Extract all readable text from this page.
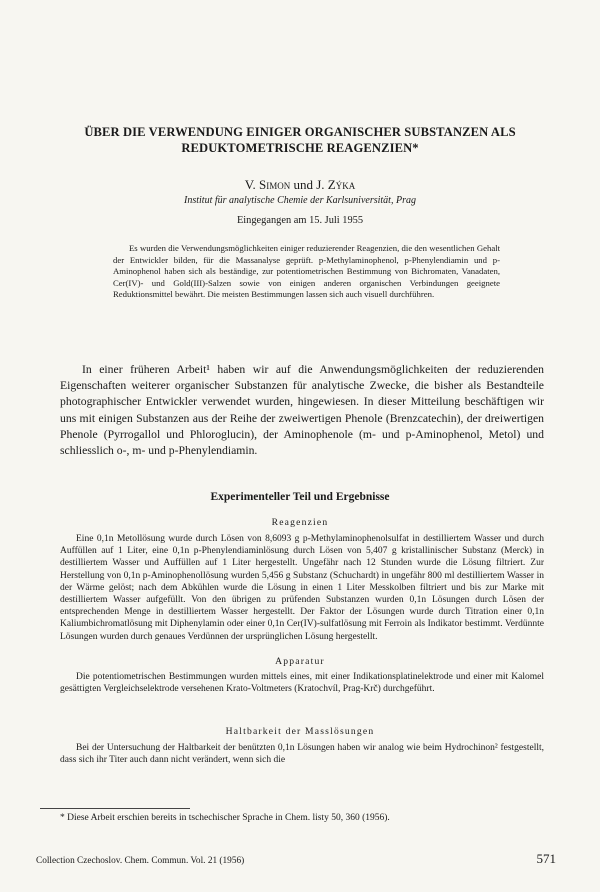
ÜBER DIE VERWENDUNG EINIGER ORGANISCHER SUBSTANZEN ALS
REDUKTOMETRISCHE REAGENZIEN*
V. Simon und J. Zýka
Institut für analytische Chemie der Karlsuniversität, Prag
Eingegangen am 15. Juli 1955
Es wurden die Verwendungsmöglichkeiten einiger reduzierender Reagenzien, die den wesentlichen Gehalt der Entwickler bilden, für die Massanalyse geprüft. p-Methylaminophenol, p-Phenylendiamin und p-Aminophenol haben sich als beständige, zur potentiometrischen Bestimmung von Bichromaten, Vanadaten, Cer(IV)- und Gold(III)-Salzen sowie von einigen anderen organischen Verbindungen geeignete Reduktionsmittel bewährt. Die meisten Bestimmungen lassen sich auch visuell durchführen.
In einer früheren Arbeit¹ haben wir auf die Anwendungsmöglichkeiten der reduzierenden Eigenschaften weiterer organischer Substanzen für analytische Zwecke, die bisher als Bestandteile photographischer Entwickler verwendet wurden, hingewiesen. In dieser Mitteilung beschäftigen wir uns mit einigen Substanzen aus der Reihe der zweiwertigen Phenole (Brenzcatechin), der dreiwertigen Phenole (Pyrrogallol und Phloroglucin), der Aminophenole (m- und p-Aminophenol, Metol) und schliesslich o-, m- und p-Phenylendiamin.
Experimenteller Teil und Ergebnisse
Reagenzien
Eine 0,1n Metollösung wurde durch Lösen von 8,6093 g p-Methylaminophenolsulfat in destilliertem Wasser und durch Auffüllen auf 1 Liter, eine 0,1n p-Phenylendiaminlösung durch Lösen von 5,407 g kristallinischer Substanz (Merck) in destilliertem Wasser und Auffüllen auf 1 Liter hergestellt. Ungefähr nach 12 Stunden wurde die Lösung filtriert. Zur Herstellung von 0,1n p-Aminophenollösung wurden 5,456 g Substanz (Schuchardt) in ungefähr 800 ml destilliertem Wasser in der Wärme gelöst; nach dem Abkühlen wurde die Lösung in einen 1 Liter Messkolben filtriert und bis zur Marke mit destilliertem Wasser aufgefüllt. Von den übrigen zu prüfenden Substanzen wurden 0,1n Lösungen durch Lösen der entsprechenden Menge in destilliertem Wasser hergestellt. Der Faktor der Lösungen wurde durch Titration einer 0,1n Kaliumbichromatlösung mit Diphenylamin oder einer 0,1n Cer(IV)-sulfatlösung mit Ferroin als Indikator bestimmt. Verdünnte Lösungen wurden durch genaues Verdünnen der ursprünglichen Lösung hergestellt.
Apparatur
Die potentiometrischen Bestimmungen wurden mittels eines, mit einer Indikationsplatinelektrode und einer mit Kalomel gesättigten Vergleichselektrode versehenen Krato-Voltmeters (Kratochvíl, Prag-Krč) durchgeführt.
Haltbarkeit der Masslösungen
Bei der Untersuchung der Haltbarkeit der benützten 0,1n Lösungen haben wir analog wie beim Hydrochinon² festgestellt, dass sich ihr Titer auch dann nicht verändert, wenn sich die
* Diese Arbeit erschien bereits in tschechischer Sprache in Chem. listy 50, 360 (1956).
Collection Czechoslov. Chem. Commun. Vol. 21 (1956)	571
